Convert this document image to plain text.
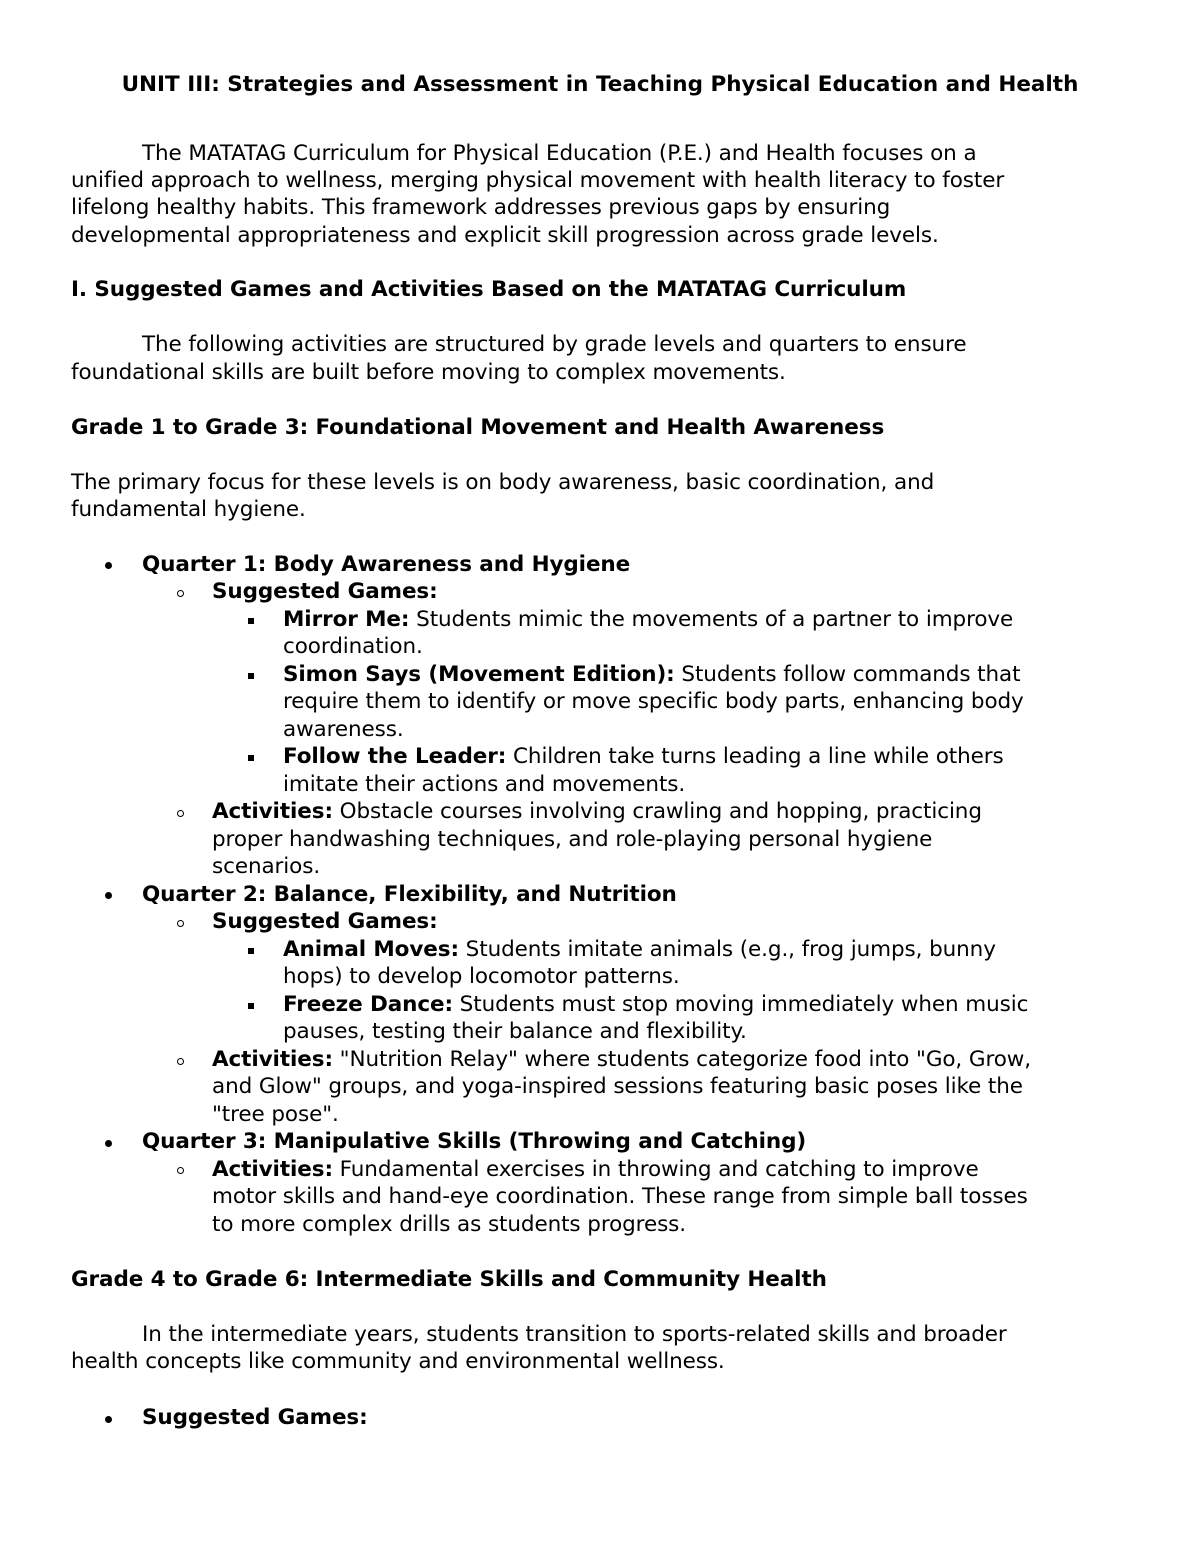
UNIT III: Strategies and Assessment in Teaching Physical Education and Health
The MATATAG Curriculum for Physical Education (P.E.) and Health focuses on a
unified approach to wellness, merging physical movement with health literacy to foster
lifelong healthy habits. This framework addresses previous gaps by ensuring
developmental appropriateness and explicit skill progression across grade levels.
I. Suggested Games and Activities Based on the MATATAG Curriculum
The following activities are structured by grade levels and quarters to ensure
foundational skills are built before moving to complex movements.
Grade 1 to Grade 3: Foundational Movement and Health Awareness
The primary focus for these levels is on body awareness, basic coordination, and
fundamental hygiene.
Quarter 1: Body Awareness and Hygiene
Suggested Games:
Mirror Me: Students mimic the movements of a partner to improve
coordination.
Simon Says (Movement Edition): Students follow commands that
require them to identify or move specific body parts, enhancing body
awareness.
Follow the Leader: Children take turns leading a line while others
imitate their actions and movements.
Activities: Obstacle courses involving crawling and hopping, practicing
proper handwashing techniques, and role-playing personal hygiene
scenarios.
Quarter 2: Balance, Flexibility, and Nutrition
Suggested Games:
Animal Moves: Students imitate animals (e.g., frog jumps, bunny
hops) to develop locomotor patterns.
Freeze Dance: Students must stop moving immediately when music
pauses, testing their balance and flexibility.
Activities: "Nutrition Relay" where students categorize food into "Go, Grow,
and Glow" groups, and yoga-inspired sessions featuring basic poses like the
"tree pose".
Quarter 3: Manipulative Skills (Throwing and Catching)
Activities: Fundamental exercises in throwing and catching to improve
motor skills and hand-eye coordination. These range from simple ball tosses
to more complex drills as students progress.
Grade 4 to Grade 6: Intermediate Skills and Community Health
In the intermediate years, students transition to sports-related skills and broader
health concepts like community and environmental wellness.
Suggested Games:
